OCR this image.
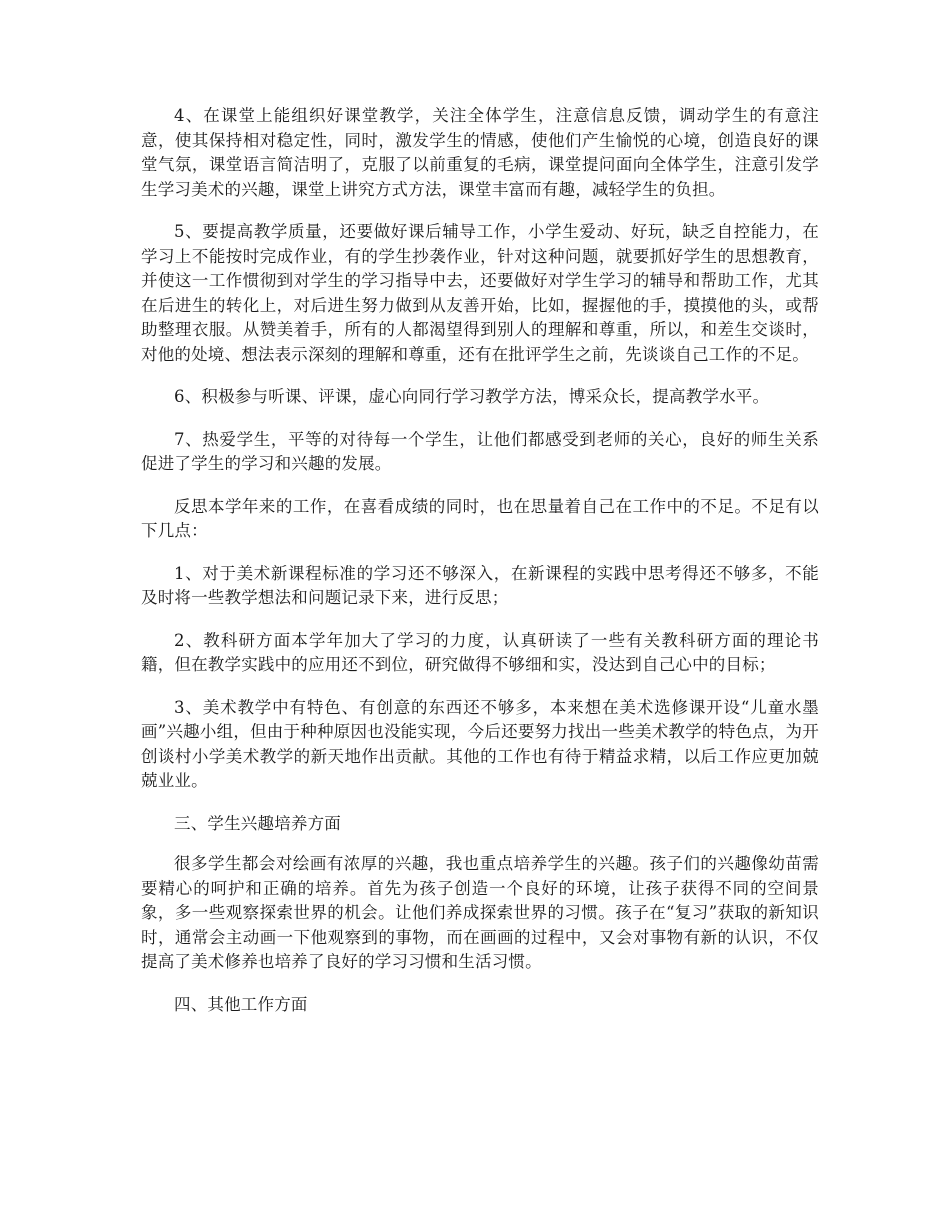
4、在课堂上能组织好课堂教学，关注全体学生，注意信息反馈，调动学生的有意注意，使其保持相对稳定性，同时，激发学生的情感，使他们产生愉悦的心境，创造良好的课堂气氛，课堂语言简洁明了，克服了以前重复的毛病，课堂提问面向全体学生，注意引发学生学习美术的兴趣，课堂上讲究方式方法，课堂丰富而有趣，减轻学生的负担。

5、要提高教学质量，还要做好课后辅导工作，小学生爱动、好玩，缺乏自控能力，在学习上不能按时完成作业，有的学生抄袭作业，针对这种问题，就要抓好学生的思想教育，并使这一工作惯彻到对学生的学习指导中去，还要做好对学生学习的辅导和帮助工作，尤其在后进生的转化上，对后进生努力做到从友善开始，比如，握握他的手，摸摸他的头，或帮助整理衣服。从赞美着手，所有的人都渴望得到别人的理解和尊重，所以，和差生交谈时，对他的处境、想法表示深刻的理解和尊重，还有在批评学生之前，先谈谈自己工作的不足。

6、积极参与听课、评课，虚心向同行学习教学方法，博采众长，提高教学水平。

7、热爱学生，平等的对待每一个学生，让他们都感受到老师的关心，良好的师生关系促进了学生的学习和兴趣的发展。

反思本学年来的工作，在喜看成绩的同时，也在思量着自己在工作中的不足。不足有以下几点：

1、对于美术新课程标准的学习还不够深入，在新课程的实践中思考得还不够多，不能及时将一些教学想法和问题记录下来，进行反思；

2、教科研方面本学年加大了学习的力度，认真研读了一些有关教科研方面的理论书籍，但在教学实践中的应用还不到位，研究做得不够细和实，没达到自己心中的目标；

3、美术教学中有特色、有创意的东西还不够多，本来想在美术选修课开设“儿童水墨画”兴趣小组，但由于种种原因也没能实现，今后还要努力找出一些美术教学的特色点，为开创谈村小学美术教学的新天地作出贡献。其他的工作也有待于精益求精，以后工作应更加兢兢业业。

三、学生兴趣培养方面

很多学生都会对绘画有浓厚的兴趣，我也重点培养学生的兴趣。孩子们的兴趣像幼苗需要精心的呵护和正确的培养。首先为孩子创造一个良好的环境，让孩子获得不同的空间景象，多一些观察探索世界的机会。让他们养成探索世界的习惯。孩子在“复习”获取的新知识时，通常会主动画一下他观察到的事物，而在画画的过程中，又会对事物有新的认识，不仅提高了美术修养也培养了良好的学习习惯和生活习惯。

四、其他工作方面
